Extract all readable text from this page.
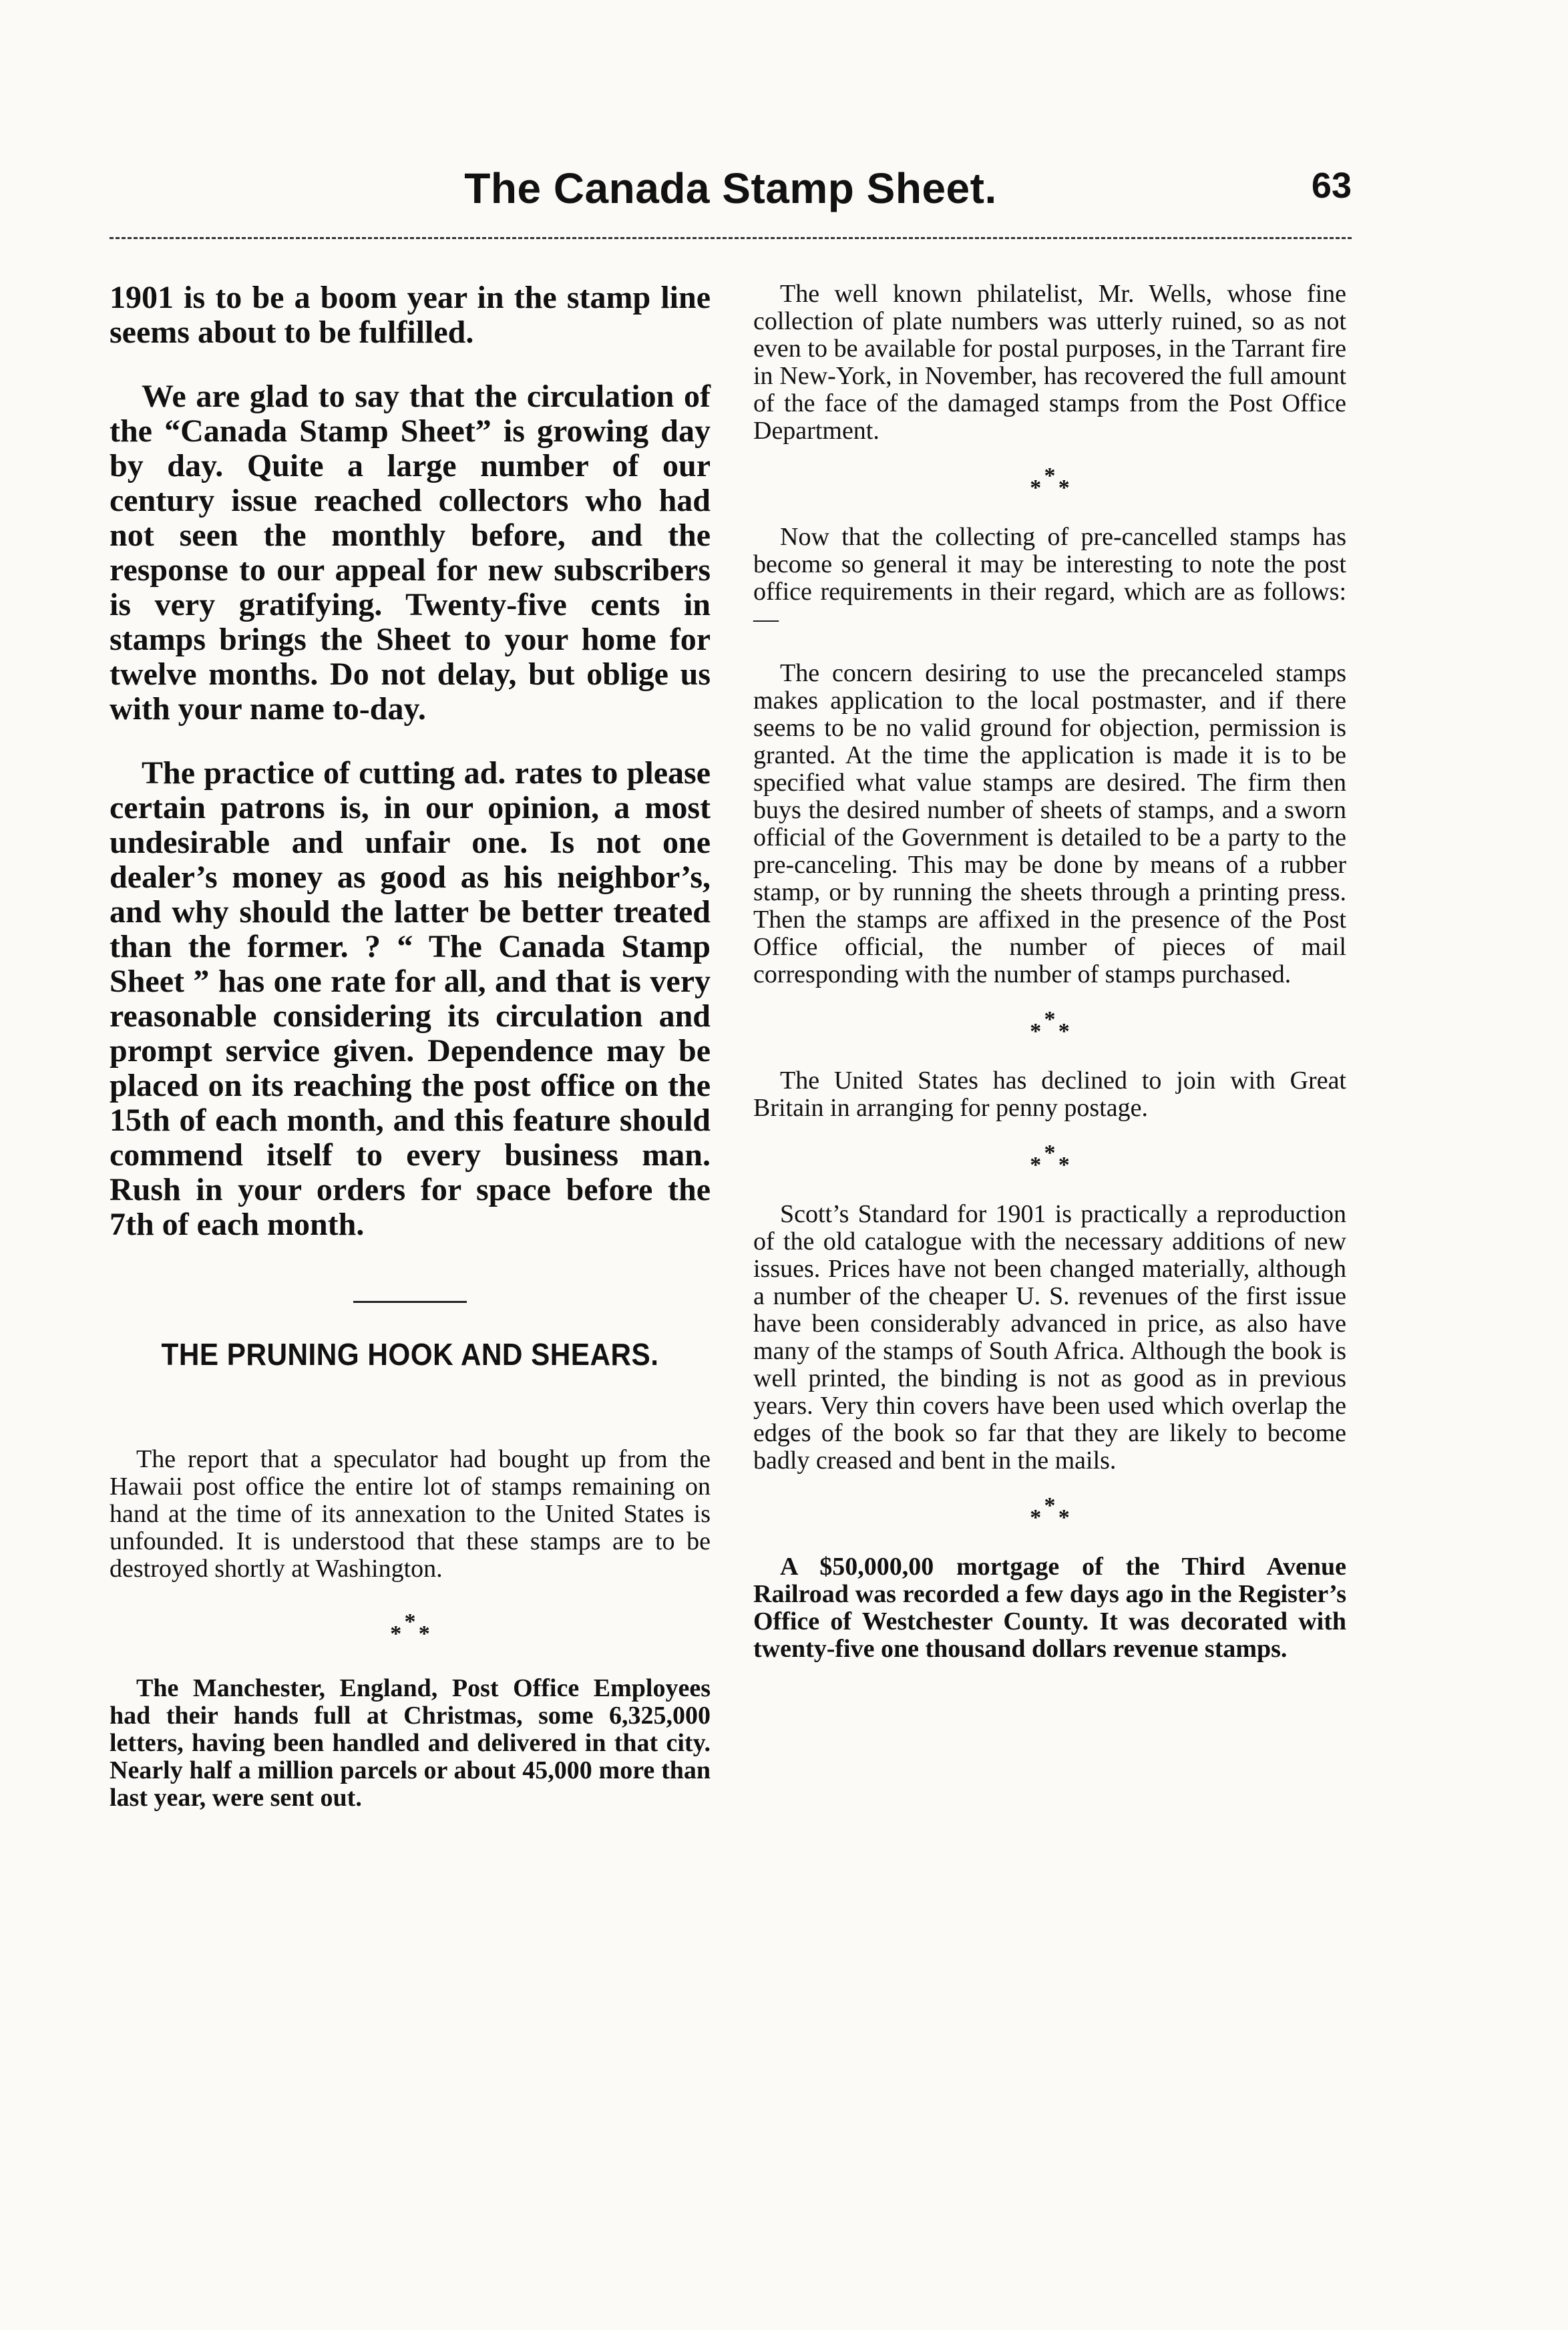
The Canada Stamp Sheet.	63

1901 is to be a boom year in the stamp line seems about to be fulfilled.

We are glad to say that the circulation of the “Canada Stamp Sheet” is growing day by day. Quite a large number of our century issue reached collectors who had not seen the monthly before, and the response to our appeal for new subscribers is very gratifying. Twenty-five cents in stamps brings the Sheet to your home for twelve months. Do not delay, but oblige us with your name to-day.

The practice of cutting ad. rates to please certain patrons is, in our opinion, a most undesirable and unfair one. Is not one dealer’s money as good as his neighbor’s, and why should the latter be better treated than the former. ? “ The Canada Stamp Sheet ” has one rate for all, and that is very reasonable considering its circulation and prompt service given. Dependence may be placed on its reaching the post office on the 15th of each month, and this feature should commend itself to every business man. Rush in your orders for space before the 7th of each month.

THE PRUNING HOOK AND SHEARS.

The report that a speculator had bought up from the Hawaii post office the entire lot of stamps remaining on hand at the time of its annexation to the United States is unfounded. It is understood that these stamps are to be destroyed shortly at Washington.

*
* *

The Manchester, England, Post Office Employees had their hands full at Christmas, some 6,325,000 letters, having been handled and delivered in that city. Nearly half a million parcels or about 45,000 more than last year, were sent out.

The well known philatelist, Mr. Wells, whose fine collection of plate numbers was utterly ruined, so as not even to be available for postal purposes, in the Tarrant fire in New-York, in November, has recovered the full amount of the face of the damaged stamps from the Post Office Department.

*
* *

Now that the collecting of pre-cancelled stamps has become so general it may be interesting to note the post office requirements in their regard, which are as follows:—

The concern desiring to use the precanceled stamps makes application to the local postmaster, and if there seems to be no valid ground for objection, permission is granted. At the time the application is made it is to be specified what value stamps are desired. The firm then buys the desired number of sheets of stamps, and a sworn official of the Government is detailed to be a party to the pre-canceling. This may be done by means of a rubber stamp, or by running the sheets through a printing press. Then the stamps are affixed in the presence of the Post Office official, the number of pieces of mail corresponding with the number of stamps purchased.

*
* *

The United States has declined to join with Great Britain in arranging for penny postage.

*
* *

Scott’s Standard for 1901 is practically a reproduction of the old catalogue with the necessary additions of new issues. Prices have not been changed materially, although a number of the cheaper U. S. revenues of the first issue have been considerably advanced in price, as also have many of the stamps of South Africa. Although the book is well printed, the binding is not as good as in previous years. Very thin covers have been used which overlap the edges of the book so far that they are likely to become badly creased and bent in the mails.

*
* *

A $50,000,00 mortgage of the Third Avenue Railroad was recorded a few days ago in the Register’s Office of Westchester County. It was decorated with twenty-five one thousand dollars revenue stamps.
